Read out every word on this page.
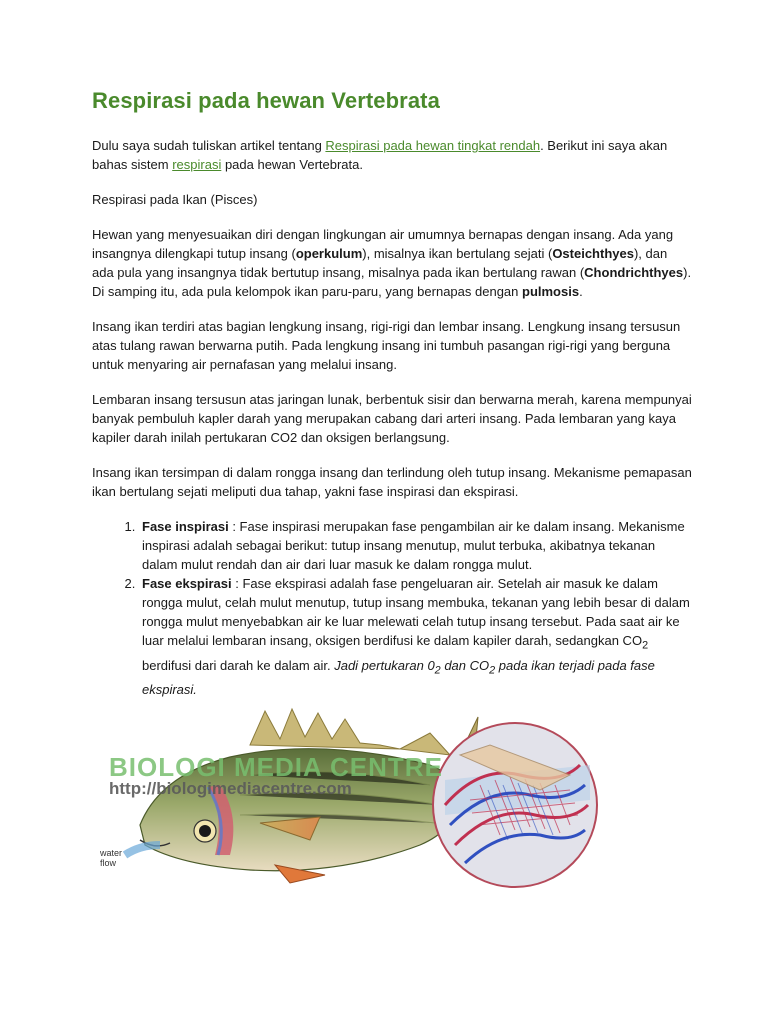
Respirasi pada hewan Vertebrata

Dulu saya sudah tuliskan artikel tentang Respirasi pada hewan tingkat rendah. Berikut ini saya akan bahas sistem respirasi pada hewan Vertebrata.

Respirasi pada Ikan (Pisces)

Hewan yang menyesuaikan diri dengan lingkungan air umumnya bernapas dengan insang. Ada yang insangnya dilengkapi tutup insang (operkulum), misalnya ikan bertulang sejati (Osteichthyes), dan ada pula yang insangnya tidak bertutup insang, misalnya pada ikan bertulang rawan (Chondrichthyes). Di samping itu, ada pula kelompok ikan paru-paru, yang bernapas dengan pulmosis.

Insang ikan terdiri atas bagian lengkung insang, rigi-rigi dan lembar insang. Lengkung insang tersusun atas tulang rawan berwarna putih. Pada lengkung insang ini tumbuh pasangan rigi-rigi yang berguna untuk menyaring air pernafasan yang melalui insang.

Lembaran insang tersusun atas jaringan lunak, berbentuk sisir dan berwarna merah, karena mempunyai banyak pembuluh kapler darah yang merupakan cabang dari arteri insang. Pada lembaran yang kaya kapiler darah inilah pertukaran CO2 dan oksigen berlangsung.

Insang ikan tersimpan di dalam rongga insang dan terlindung oleh tutup insang. Mekanisme pemapasan ikan bertulang sejati meliputi dua tahap, yakni fase inspirasi dan ekspirasi.

1. Fase inspirasi : Fase inspirasi merupakan fase pengambilan air ke dalam insang. Mekanisme inspirasi adalah sebagai berikut: tutup insang menutup, mulut terbuka, akibatnya tekanan dalam mulut rendah dan air dari luar masuk ke dalam rongga mulut.
2. Fase ekspirasi : Fase ekspirasi adalah fase pengeluaran air. Setelah air masuk ke dalam rongga mulut, celah mulut menutup, tutup insang membuka, tekanan yang lebih besar di dalam rongga mulut menyebabkan air ke luar melewati celah tutup insang tersebut. Pada saat air ke luar melalui lembaran insang, oksigen berdifusi ke dalam kapiler darah, sedangkan $CO_2$ berdifusi dari darah ke dalam air. Jadi pertukaran $0_2$ dan $CO_2$ pada ikan terjadi pada fase ekspirasi.
BIOLOGI MEDIA CENTRE
http://biologimediacentre.com
water
flow
